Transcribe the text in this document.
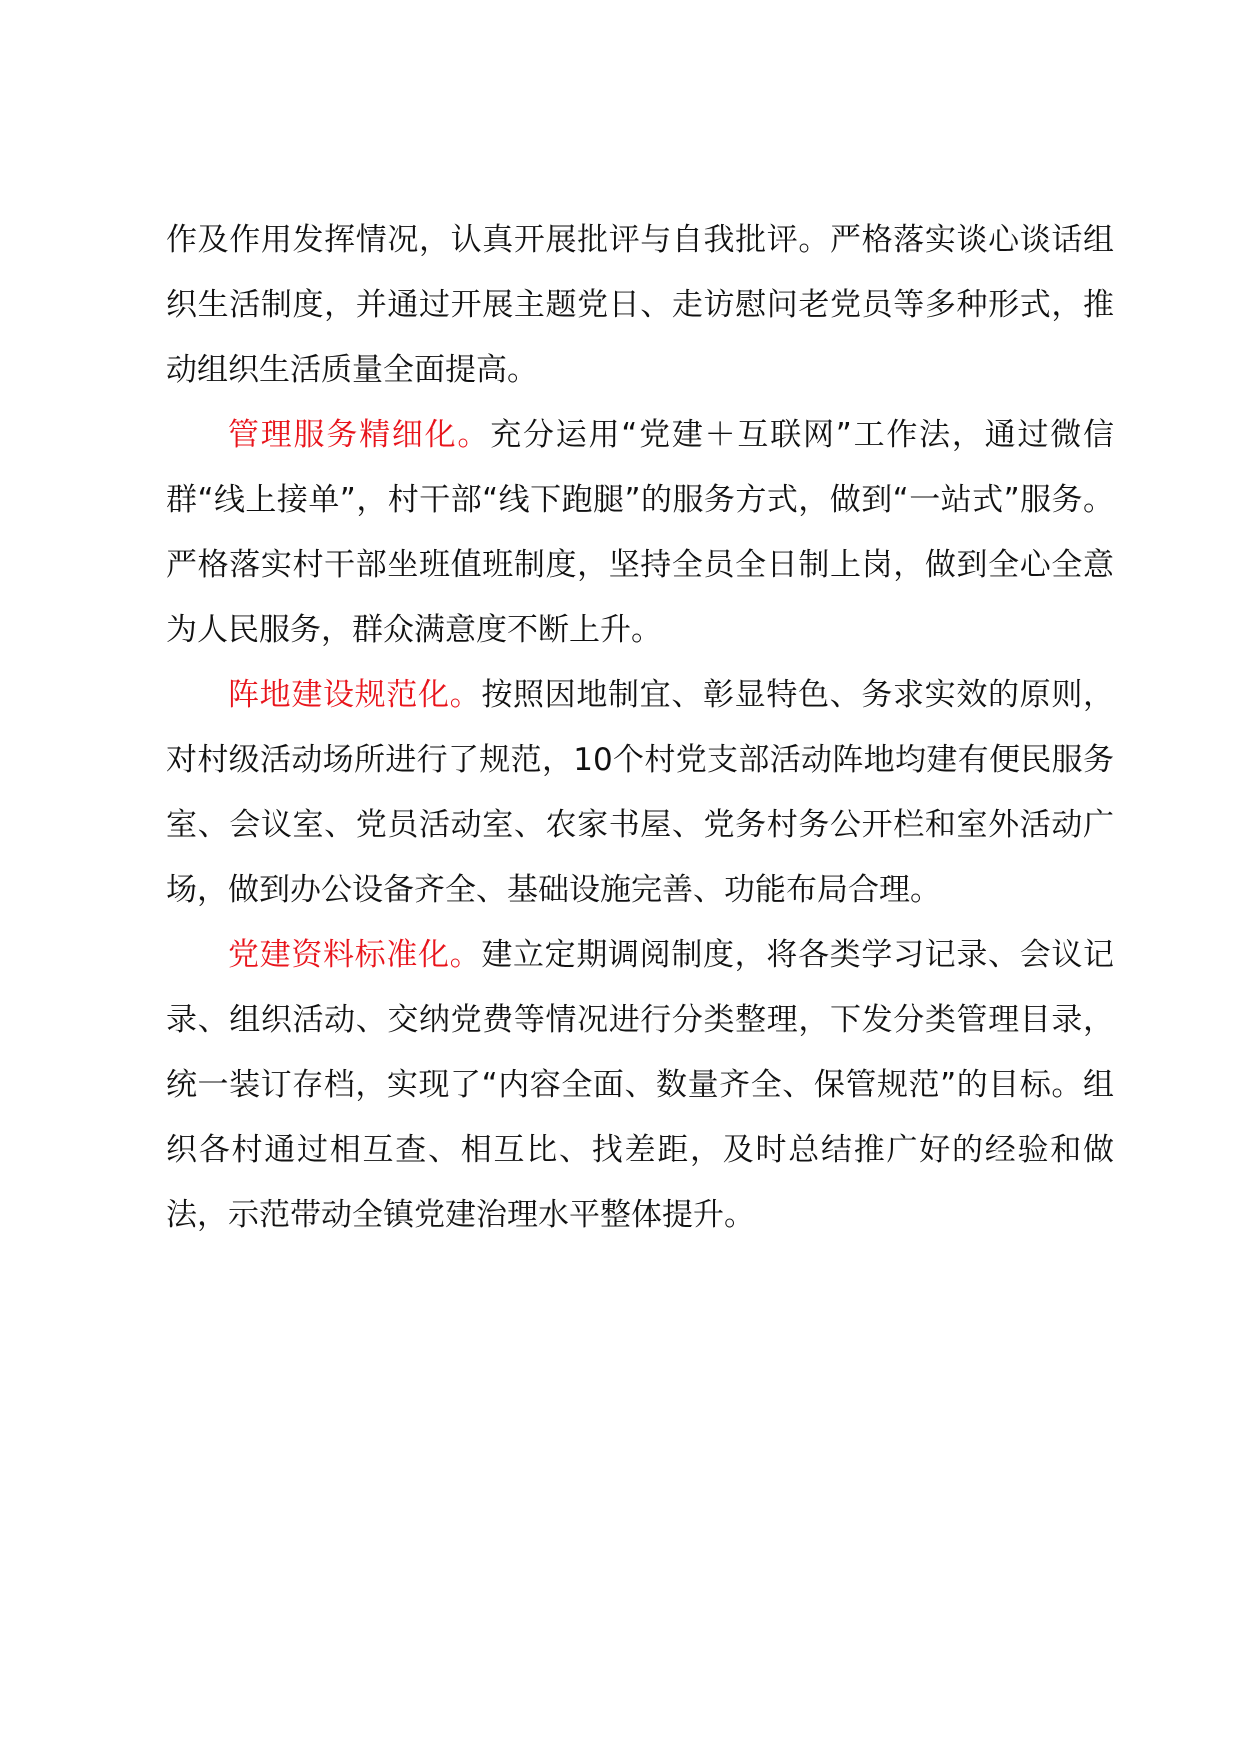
作及作用发挥情况，认真开展批评与自我批评。严格落实谈心谈话组织生活制度，并通过开展主题党日、走访慰问老党员等多种形式，推动组织生活质量全面提高。

管理服务精细化。充分运用“党建＋互联网”工作法，通过微信群“线上接单”，村干部“线下跑腿”的服务方式，做到“一站式”服务。严格落实村干部坐班值班制度，坚持全员全日制上岗，做到全心全意为人民服务，群众满意度不断上升。

阵地建设规范化。按照因地制宜、彰显特色、务求实效的原则，对村级活动场所进行了规范，10个村党支部活动阵地均建有便民服务室、会议室、党员活动室、农家书屋、党务村务公开栏和室外活动广场，做到办公设备齐全、基础设施完善、功能布局合理。

党建资料标准化。建立定期调阅制度，将各类学习记录、会议记录、组织活动、交纳党费等情况进行分类整理，下发分类管理目录，统一装订存档，实现了“内容全面、数量齐全、保管规范”的目标。组织各村通过相互查、相互比、找差距，及时总结推广好的经验和做法，示范带动全镇党建治理水平整体提升。
